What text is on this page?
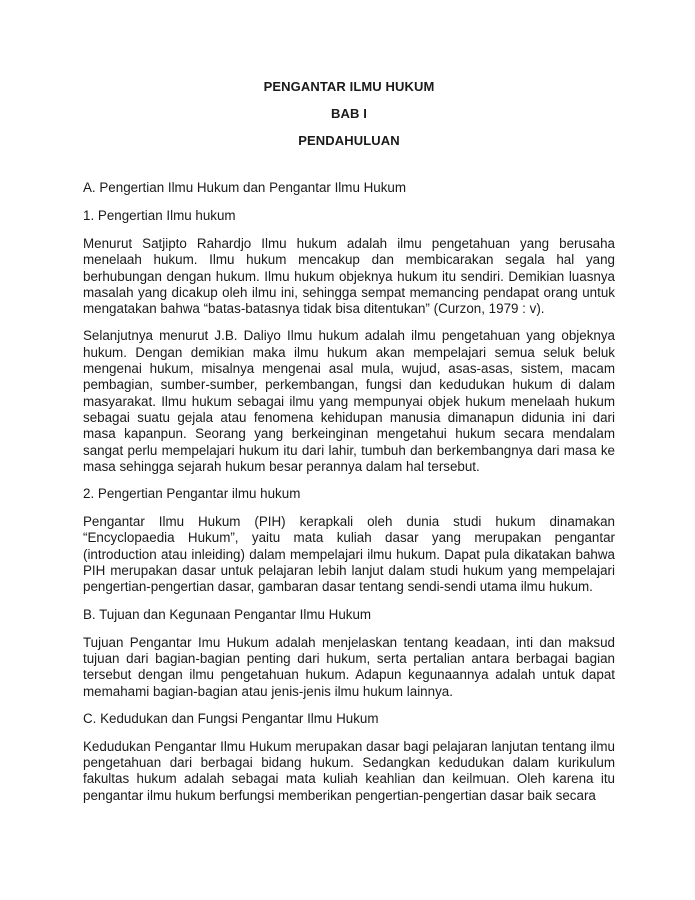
PENGANTAR ILMU HUKUM
BAB I
PENDAHULUAN
A. Pengertian Ilmu Hukum dan Pengantar Ilmu Hukum
1. Pengertian Ilmu hukum

Menurut Satjipto Rahardjo Ilmu hukum adalah ilmu pengetahuan yang berusaha menelaah hukum. Ilmu hukum mencakup dan membicarakan segala hal yang berhubungan dengan hukum. Ilmu hukum objeknya hukum itu sendiri. Demikian luasnya masalah yang dicakup oleh ilmu ini, sehingga sempat memancing pendapat orang untuk mengatakan bahwa “batas-batasnya tidak bisa ditentukan” (Curzon, 1979 : v).

Selanjutnya menurut J.B. Daliyo Ilmu hukum adalah ilmu pengetahuan yang objeknya hukum. Dengan demikian maka ilmu hukum akan mempelajari semua seluk beluk mengenai hukum, misalnya mengenai asal mula, wujud, asas-asas, sistem, macam pembagian, sumber-sumber, perkembangan, fungsi dan kedudukan hukum di dalam masyarakat. Ilmu hukum sebagai ilmu yang mempunyai objek hukum menelaah hukum sebagai suatu gejala atau fenomena kehidupan manusia dimanapun didunia ini dari masa kapanpun. Seorang yang berkeinginan mengetahui hukum secara mendalam sangat perlu mempelajari hukum itu dari lahir, tumbuh dan berkembangnya dari masa ke masa sehingga sejarah hukum besar perannya dalam hal tersebut.

2. Pengertian Pengantar ilmu hukum

Pengantar Ilmu Hukum (PIH) kerapkali oleh dunia studi hukum dinamakan “Encyclopaedia Hukum”, yaitu mata kuliah dasar yang merupakan pengantar (introduction atau inleiding) dalam mempelajari ilmu hukum. Dapat pula dikatakan bahwa PIH merupakan dasar untuk pelajaran lebih lanjut dalam studi hukum yang mempelajari pengertian-pengertian dasar, gambaran dasar tentang sendi-sendi utama ilmu hukum.

B. Tujuan dan Kegunaan Pengantar Ilmu Hukum

Tujuan Pengantar Imu Hukum adalah menjelaskan tentang keadaan, inti dan maksud tujuan dari bagian-bagian penting dari hukum, serta pertalian antara berbagai bagian tersebut dengan ilmu pengetahuan hukum. Adapun kegunaannya adalah untuk dapat memahami bagian-bagian atau jenis-jenis ilmu hukum lainnya.

C. Kedudukan dan Fungsi Pengantar Ilmu Hukum

Kedudukan Pengantar Ilmu Hukum merupakan dasar bagi pelajaran lanjutan tentang ilmu pengetahuan dari berbagai bidang hukum. Sedangkan kedudukan dalam kurikulum fakultas hukum adalah sebagai mata kuliah keahlian dan keilmuan. Oleh karena itu pengantar ilmu hukum berfungsi memberikan pengertian-pengertian dasar baik secara
